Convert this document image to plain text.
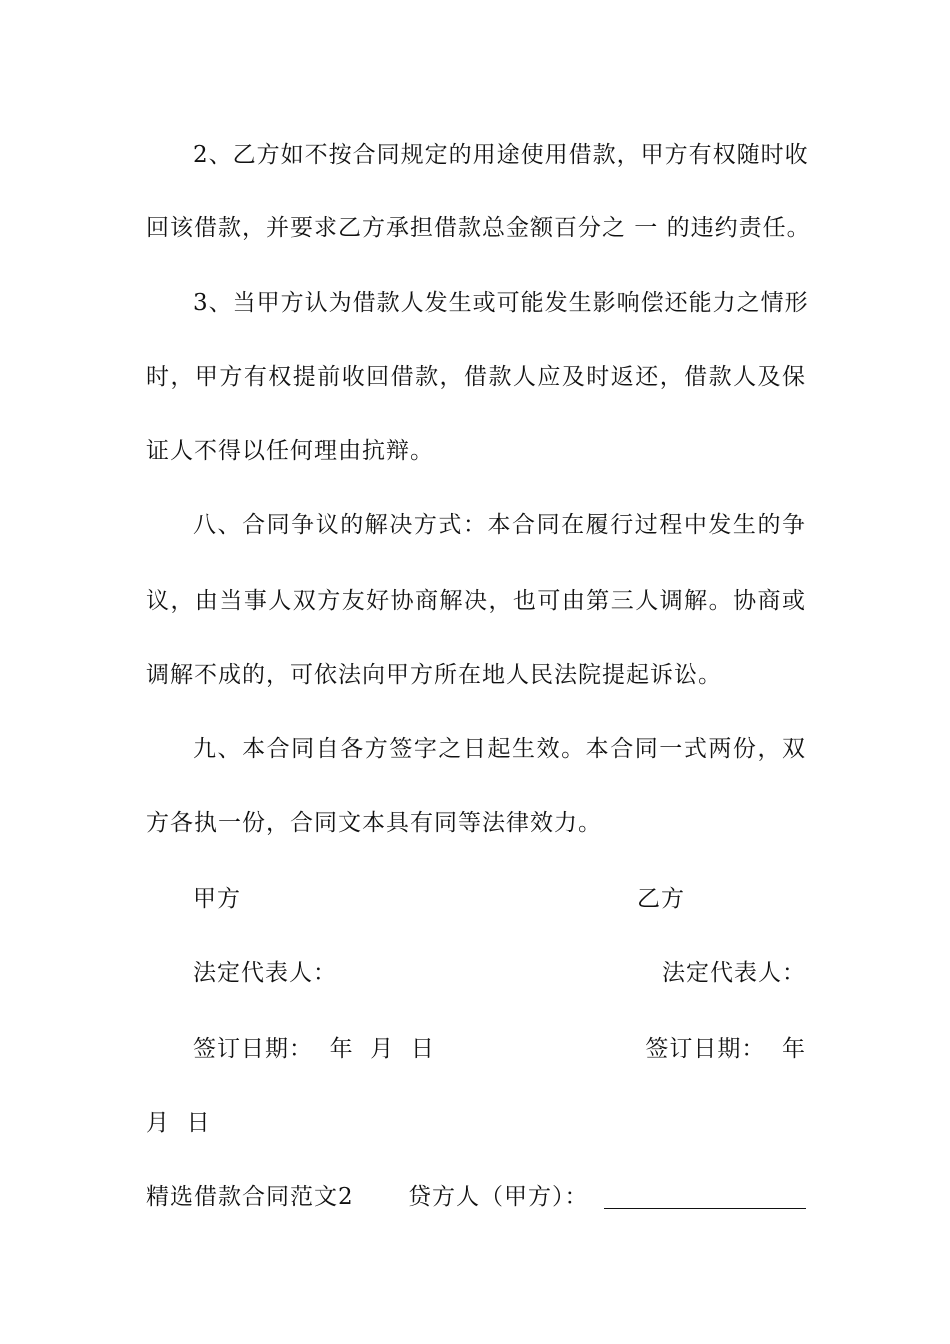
2、乙方如不按合同规定的用途使用借款，甲方有权随时收
回该借款，并要求乙方承担借款总金额百分之 一 的违约责任。
3、当甲方认为借款人发生或可能发生影响偿还能力之情形
时，甲方有权提前收回借款，借款人应及时返还，借款人及保
证人不得以任何理由抗辩。
八、合同争议的解决方式：本合同在履行过程中发生的争
议，由当事人双方友好协商解决，也可由第三人调解。协商或
调解不成的，可依法向甲方所在地人民法院提起诉讼。
九、本合同自各方签字之日起生效。本合同一式两份，双
方各执一份，合同文本具有同等法律效力。
甲方	乙方
法定代表人：	法定代表人：
签订日期：  年  月  日	签订日期：  年
月  日
精选借款合同范文2 贷方人（甲方）：
